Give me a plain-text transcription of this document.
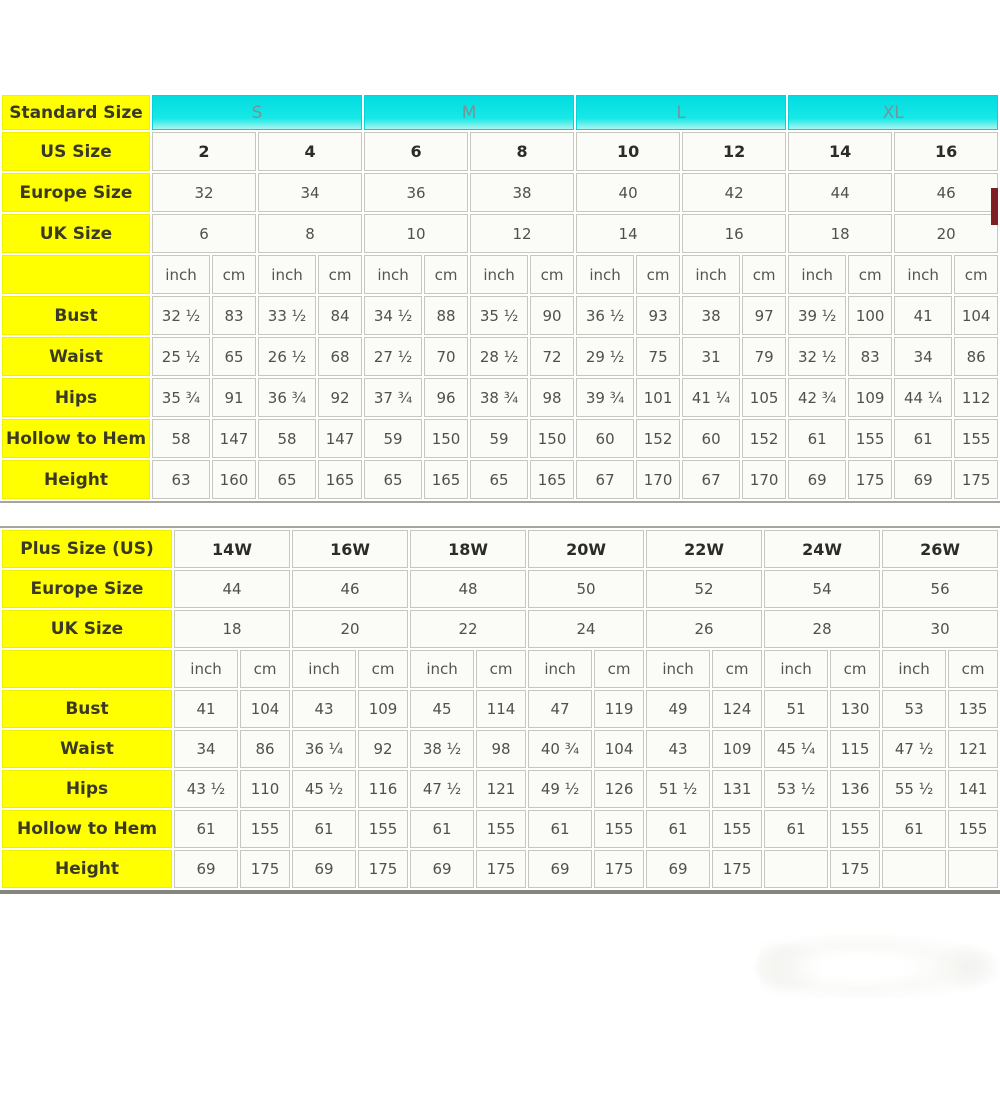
Standard Size	S				M				L				XL			
US Size	2		4		6		8		10		12		14		16	
Europe Size	32		34		36		38		40		42		44		46	
UK Size	6		8		10		12		14		16		18		20	
	inch	cm	inch	cm	inch	cm	inch	cm	inch	cm	inch	cm	inch	cm	inch	cm
Bust	32 ½	83	33 ½	84	34 ½	88	35 ½	90	36 ½	93	38	97	39 ½	100	41	104
Waist	25 ½	65	26 ½	68	27 ½	70	28 ½	72	29 ½	75	31	79	32 ½	83	34	86
Hips	35 ¾	91	36 ¾	92	37 ¾	96	38 ¾	98	39 ¾	101	41 ¼	105	42 ¾	109	44 ¼	112
Hollow to Hem	58	147	58	147	59	150	59	150	60	152	60	152	61	155	61	155
Height	63	160	65	165	65	165	65	165	67	170	67	170	69	175	69	175
Plus Size (US)	14W		16W		18W		20W		22W		24W		26W	
Europe Size	44		46		48		50		52		54		56	
UK Size	18		20		22		24		26		28		30	
	inch	cm	inch	cm	inch	cm	inch	cm	inch	cm	inch	cm	inch	cm
Bust	41	104	43	109	45	114	47	119	49	124	51	130	53	135
Waist	34	86	36 ¼	92	38 ½	98	40 ¾	104	43	109	45 ¼	115	47 ½	121
Hips	43 ½	110	45 ½	116	47 ½	121	49 ½	126	51 ½	131	53 ½	136	55 ½	141
Hollow to Hem	61	155	61	155	61	155	61	155	61	155	61	155	61	155
Height	69	175	69	175	69	175	69	175	69	175		175		
